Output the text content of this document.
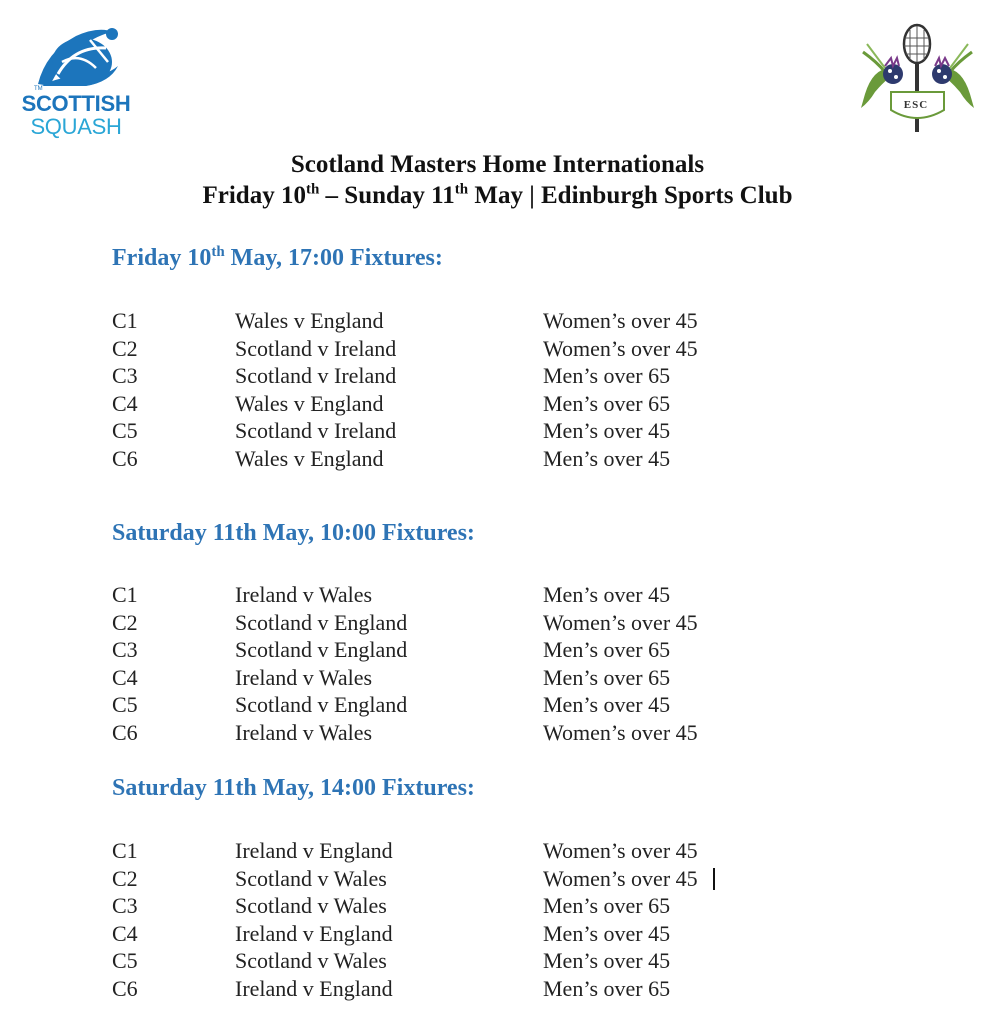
TM
SCOTTISH
SQUASH
ESC
Scotland Masters Home Internationals
Friday 10th – Sunday 11th May | Edinburgh Sports Club
Friday 10th May, 17:00 Fixtures:
C1	Wales v England	Women’s over 45
C2	Scotland v Ireland	Women’s over 45
C3	Scotland v Ireland	Men’s over 65
C4	Wales v England	Men’s over 65
C5	Scotland v Ireland	Men’s over 45
C6	Wales v England	Men’s over 45
Saturday 11th May, 10:00 Fixtures:
C1	Ireland v Wales	Men’s over 45
C2	Scotland v England	Women’s over 45
C3	Scotland v England	Men’s over 65
C4	Ireland v Wales	Men’s over 65
C5	Scotland v England	Men’s over 45
C6	Ireland v Wales	Women’s over 45
Saturday 11th May, 14:00 Fixtures:
C1	Ireland v England	Women’s over 45
C2	Scotland v Wales	Women’s over 45
C3	Scotland v Wales	Men’s over 65
C4	Ireland v England	Men’s over 45
C5	Scotland v Wales	Men’s over 45
C6	Ireland v England	Men’s over 65
